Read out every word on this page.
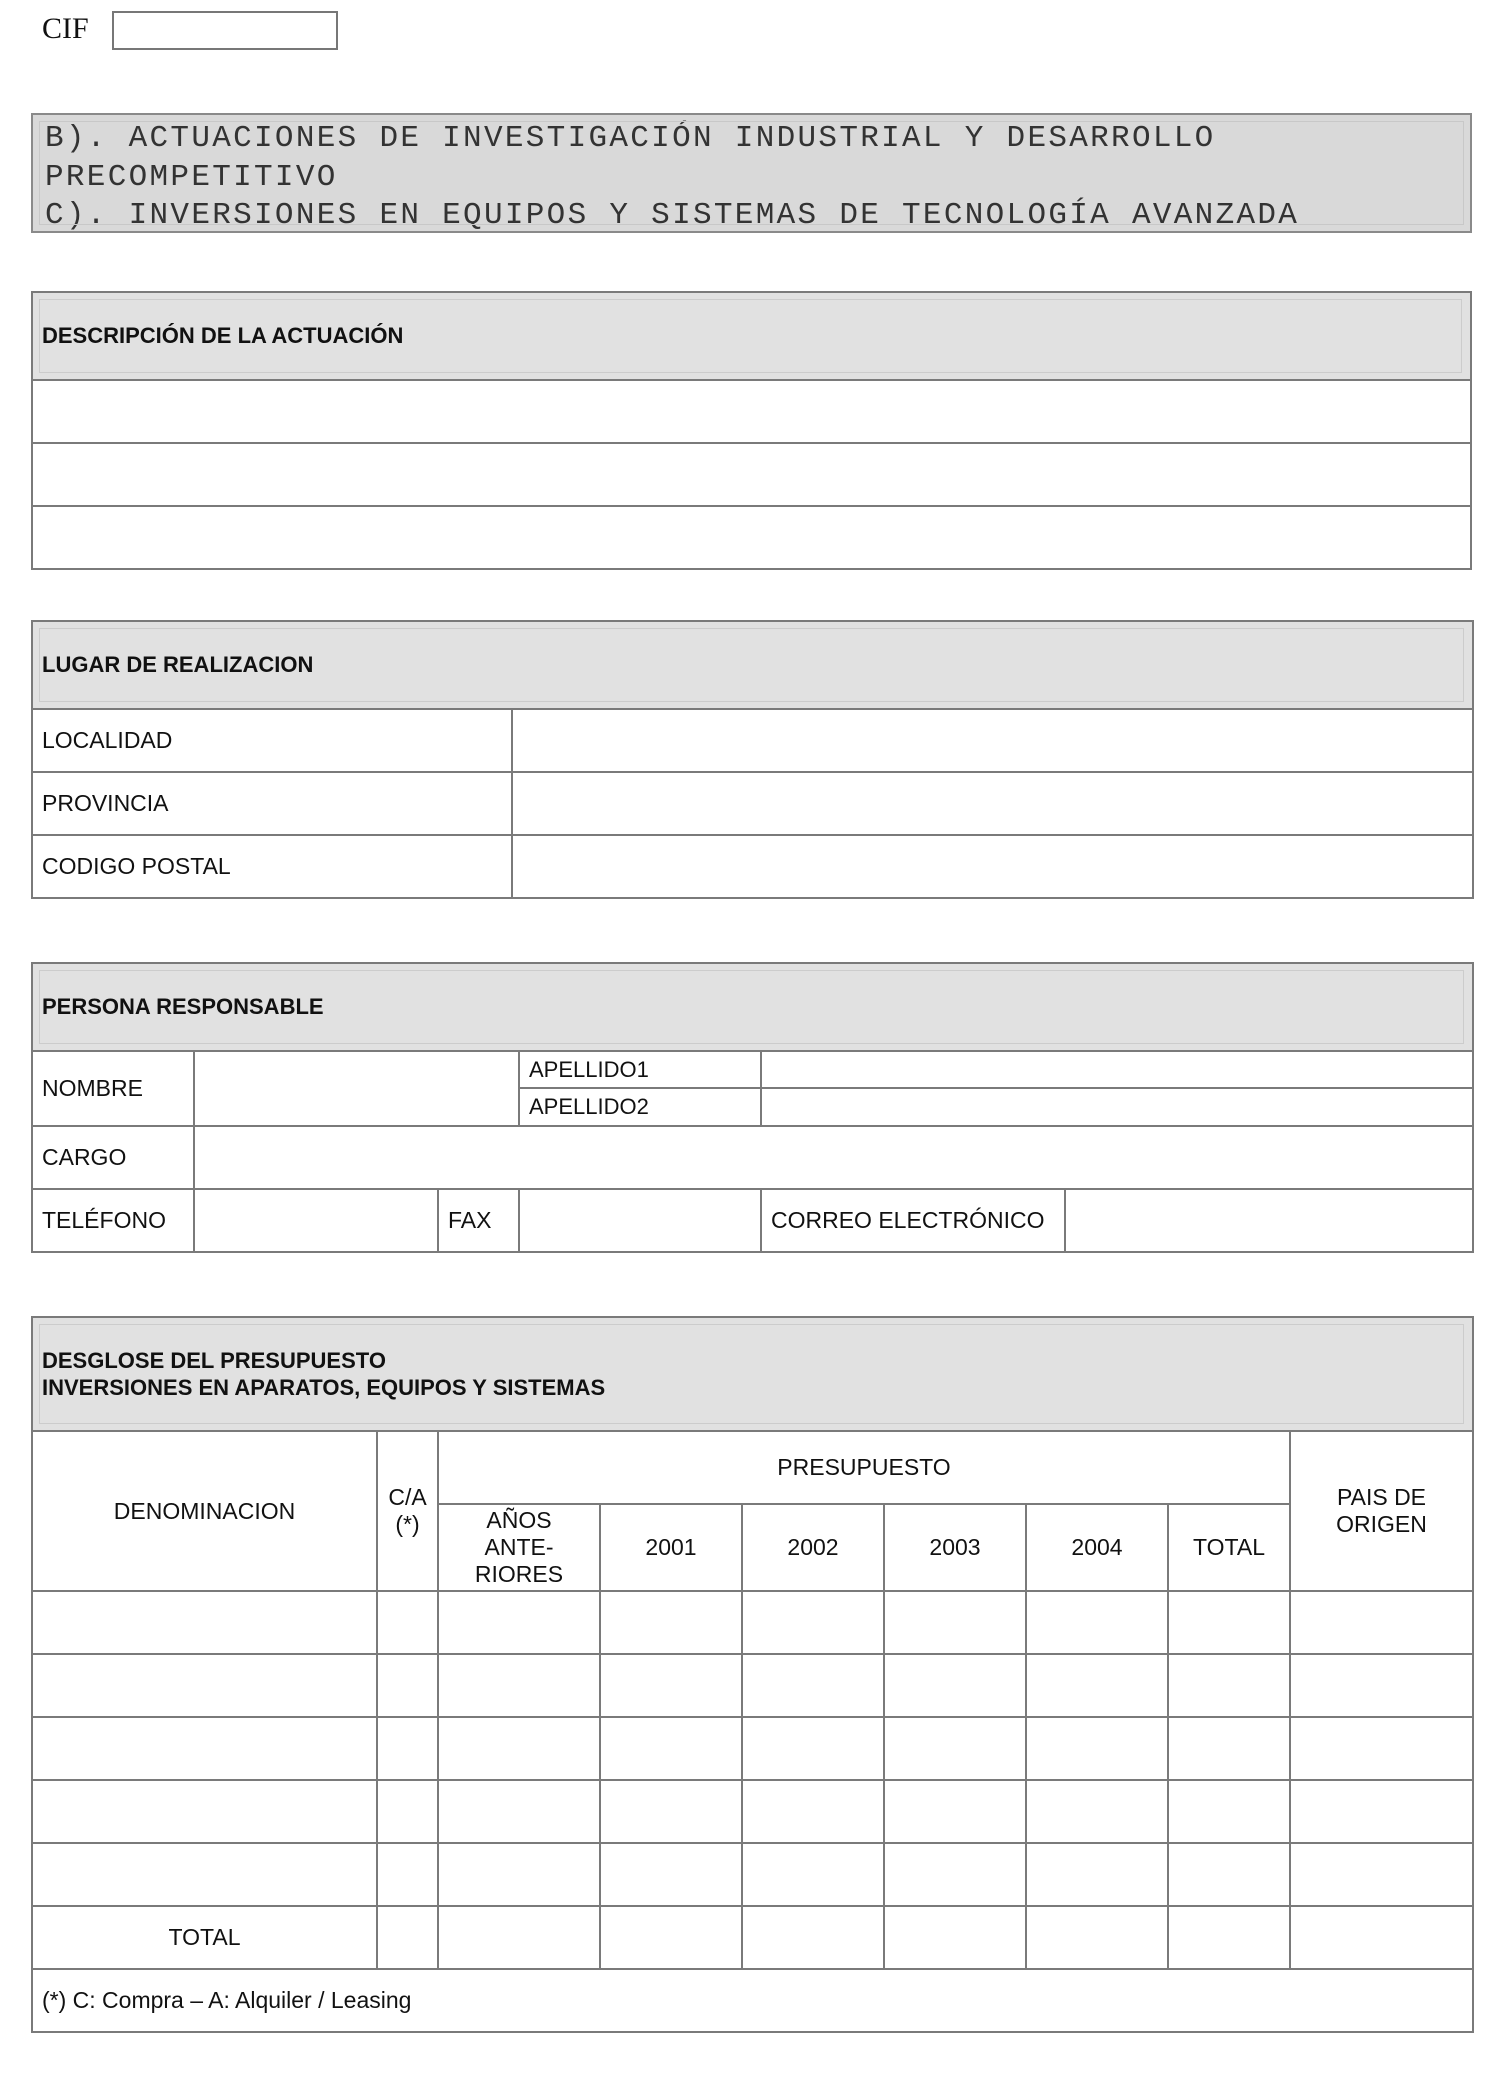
CIF
B). ACTUACIONES DE INVESTIGACIÓN INDUSTRIAL Y DESARROLLO
PRECOMPETITIVO
C). INVERSIONES EN EQUIPOS Y SISTEMAS DE TECNOLOGÍA AVANZADA
DESCRIPCIÓN DE LA ACTUACIÓN

LUGAR DE REALIZACION	
LOCALIDAD	
PROVINCIA	
CODIGO POSTAL	
PERSONA RESPONSABLE					
NOMBRE			APELLIDO1		
			APELLIDO2		
CARGO					
TELÉFONO		FAX		CORREO ELECTRÓNICO	
DESGLOSE DEL PRESUPUESTO
INVERSIONES EN APARATOS, EQUIPOS Y SISTEMAS								

DENOMINACION	C/A (*)	PRESUPUESTO						PAIS DE ORIGEN
		AÑOS ANTE- RIORES	2001	2002	2003	2004	TOTAL	

TOTAL								
(*) C: Compra – A: Alquiler / Leasing								
